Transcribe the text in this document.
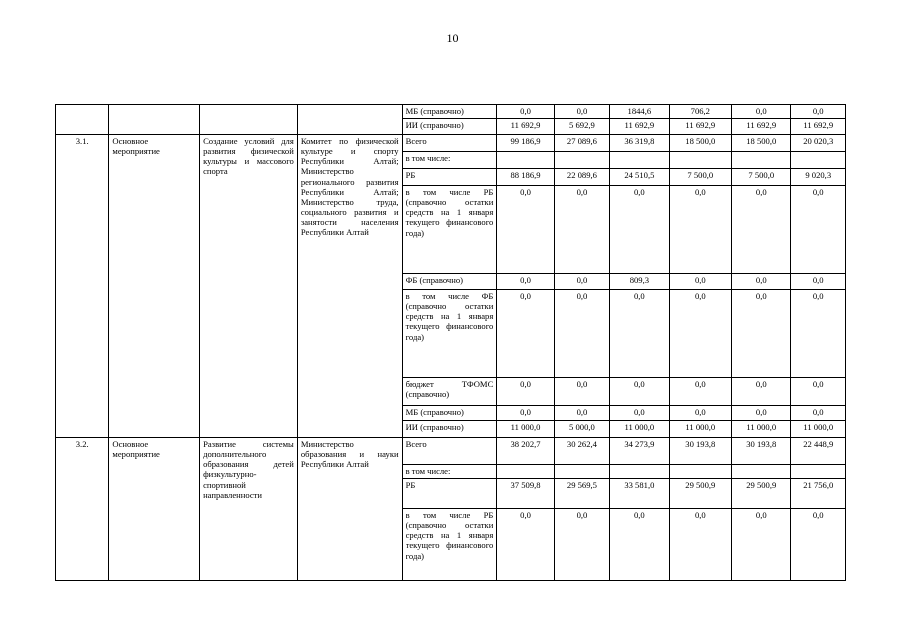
10
				МБ (справочно)	0,0	0,0	1844,6	706,2	0,0	0,0
				ИИ (справочно)	11 692,9	5 692,9	11 692,9	11 692,9	11 692,9	11 692,9
3.1.	Основное мероприятие	Создание условий для развития физической культуры и массового спорта	Комитет по физической культуре и спорту Республики Алтай; Министерство регионального развития Республики Алтай; Министерство труда, социального развития и занятости населения Республики Алтай	Всего	99 186,9	27 089,6	36 319,8	18 500,0	18 500,0	20 020,3
				в том числе:						
				РБ	88 186,9	22 089,6	24 510,5	7 500,0	7 500,0	9 020,3
				в том числе РБ (справочно остатки средств на 1 января текущего финансового года)	0,0	0,0	0,0	0,0	0,0	0,0
				ФБ (справочно)	0,0	0,0	809,3	0,0	0,0	0,0
				в том числе ФБ (справочно остатки средств на 1 января текущего финансового года)	0,0	0,0	0,0	0,0	0,0	0,0
				бюджет ТФОМС (справочно)	0,0	0,0	0,0	0,0	0,0	0,0
				МБ (справочно)	0,0	0,0	0,0	0,0	0,0	0,0
				ИИ (справочно)	11 000,0	5 000,0	11 000,0	11 000,0	11 000,0	11 000,0
3.2.	Основное мероприятие	Развитие системы дополнительного образования детей физкультурно-спортивной направленности	Министерство образования и науки Республики Алтай	Всего	38 202,7	30 262,4	34 273,9	30 193,8	30 193,8	22 448,9
				в том числе:						
				РБ	37 509,8	29 569,5	33 581,0	29 500,9	29 500,9	21 756,0

				в том числе РБ (справочно остатки средств на 1 января текущего финансового года)	0,0	0,0	0,0	0,0	0,0	0,0
